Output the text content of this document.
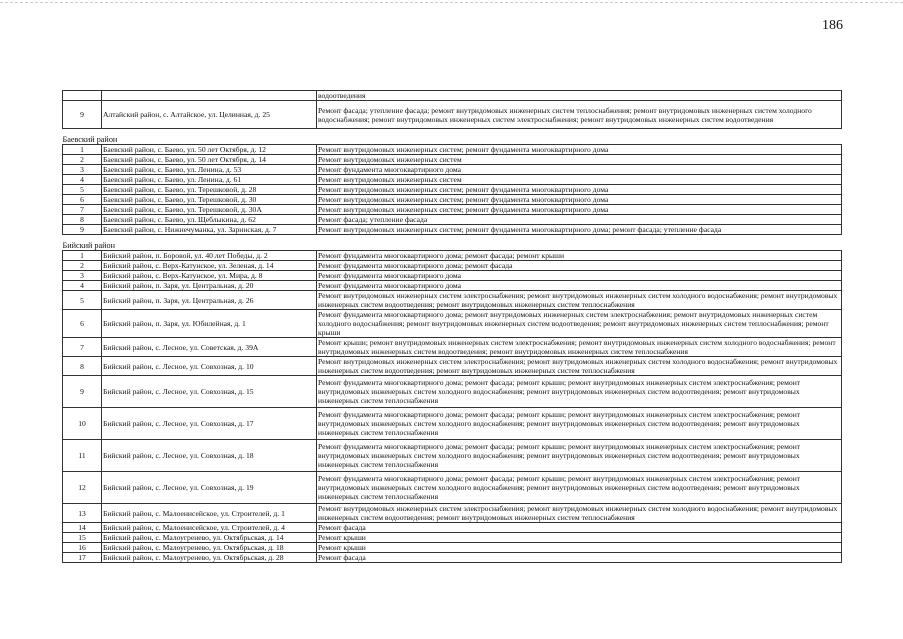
186
		водоотведения
9	Алтайский район, с. Алтайское, ул. Целинная, д. 25	Ремонт фасада; утепление фасада; ремонт внутридомовых инженерных систем теплоснабжения; ремонт внутридомовых инженерных систем холодного водоснабжения; ремонт внутридомовых инженерных систем электроснабжения; ремонт внутридомовых инженерных систем водоотведения
Баевский район		
1	Баевский район, с. Баево, ул. 50 лет Октября, д. 12	Ремонт внутридомовых инженерных систем; ремонт фундамента многоквартирного дома
2	Баевский район, с. Баево, ул. 50 лет Октября, д. 14	Ремонт внутридомовых инженерных систем
3	Баевский район, с. Баево, ул. Ленина, д. 53	Ремонт фундамента многоквартирного дома
4	Баевский район, с. Баево, ул. Ленина, д. 61	Ремонт внутридомовых инженерных систем
5	Баевский район, с. Баево, ул. Терешковой, д. 28	Ремонт внутридомовых инженерных систем; ремонт фундамента многоквартирного дома
6	Баевский район, с. Баево, ул. Терешковой, д. 30	Ремонт внутридомовых инженерных систем; ремонт фундамента многоквартирного дома
7	Баевский район, с. Баево, ул. Терешковой, д. 30А	Ремонт внутридомовых инженерных систем; ремонт фундамента многоквартирного дома
8	Баевский район, с. Баево, ул. Щеблыкина, д. 62	Ремонт фасада; утепление фасада
9	Баевский район, с. Нижнечуманка, ул. Заринская, д. 7	Ремонт внутридомовых инженерных систем; ремонт фундамента многоквартирного дома; ремонт фасада; утепление фасада
Бийский район		
1	Бийский район, п. Боровой, ул. 40 лет Победы, д. 2	Ремонт фундамента многоквартирного дома; ремонт фасада; ремонт крыши
2	Бийский район, с. Верх-Катунское, ул. Зеленая, д. 14	Ремонт фундамента многоквартирного дома; ремонт фасада
3	Бийский район, с. Верх-Катунское, ул. Мира, д. 8	Ремонт фундамента многоквартирного дома
4	Бийский район, п. Заря, ул. Центральная, д. 20	Ремонт фундамента многоквартирного дома
5	Бийский район, п. Заря, ул. Центральная, д. 26	Ремонт внутридомовых инженерных систем электроснабжения; ремонт внутридомовых инженерных систем холодного водоснабжения; ремонт внутридомовых инженерных систем водоотведения; ремонт внутридомовых инженерных систем теплоснабжения
6	Бийский район, п. Заря, ул. Юбилейная, д. 1	Ремонт фундамента многоквартирного дома; ремонт внутридомовых инженерных систем электроснабжения; ремонт внутридомовых инженерных систем холодного водоснабжения; ремонт внутридомовых инженерных систем водоотведения; ремонт внутридомовых инженерных систем теплоснабжения; ремонт крыши
7	Бийский район, с. Лесное, ул. Советская, д. 39А	Ремонт крыши; ремонт внутридомовых инженерных систем электроснабжения; ремонт внутридомовых инженерных систем холодного водоснабжения; ремонт внутридомовых инженерных систем водоотведения; ремонт внутридомовых инженерных систем теплоснабжения
8	Бийский район, с. Лесное, ул. Совхозная, д. 10	Ремонт внутридомовых инженерных систем электроснабжения; ремонт внутридомовых инженерных систем холодного водоснабжения; ремонт внутридомовых инженерных систем водоотведения; ремонт внутридомовых инженерных систем теплоснабжения
9	Бийский район, с. Лесное, ул. Совхозная, д. 15	Ремонт фундамента многоквартирного дома; ремонт фасада; ремонт крыши; ремонт внутридомовых инженерных систем электроснабжения; ремонт внутридомовых инженерных систем холодного водоснабжения; ремонт внутридомовых инженерных систем водоотведения; ремонт внутридомовых инженерных систем теплоснабжения
10	Бийский район, с. Лесное, ул. Совхозная, д. 17	Ремонт фундамента многоквартирного дома; ремонт фасада; ремонт крыши; ремонт внутридомовых инженерных систем электроснабжения; ремонт внутридомовых инженерных систем холодного водоснабжения; ремонт внутридомовых инженерных систем водоотведения; ремонт внутридомовых инженерных систем теплоснабжения
11	Бийский район, с. Лесное, ул. Совхозная, д. 18	Ремонт фундамента многоквартирного дома; ремонт фасада; ремонт крыши; ремонт внутридомовых инженерных систем электроснабжения; ремонт внутридомовых инженерных систем холодного водоснабжения; ремонт внутридомовых инженерных систем водоотведения; ремонт внутридомовых инженерных систем теплоснабжения
12	Бийский район, с. Лесное, ул. Совхозная, д. 19	Ремонт фундамента многоквартирного дома; ремонт фасада; ремонт крыши; ремонт внутридомовых инженерных систем электроснабжения; ремонт внутридомовых инженерных систем холодного водоснабжения; ремонт внутридомовых инженерных систем водоотведения; ремонт внутридомовых инженерных систем теплоснабжения
13	Бийский район, с. Малоенисейское, ул. Строителей, д. 1	Ремонт внутридомовых инженерных систем электроснабжения; ремонт внутридомовых инженерных систем холодного водоснабжения; ремонт внутридомовых инженерных систем водоотведения; ремонт внутридомовых инженерных систем теплоснабжения
14	Бийский район, с. Малоенисейское, ул. Строителей, д. 4	Ремонт фасада
15	Бийский район, с. Малоугренево, ул. Октябрьская, д. 14	Ремонт крыши
16	Бийский район, с. Малоугренево, ул. Октябрьская, д. 18	Ремонт крыши
17	Бийский район, с. Малоугренево, ул. Октябрьская, д. 28	Ремонт фасада
